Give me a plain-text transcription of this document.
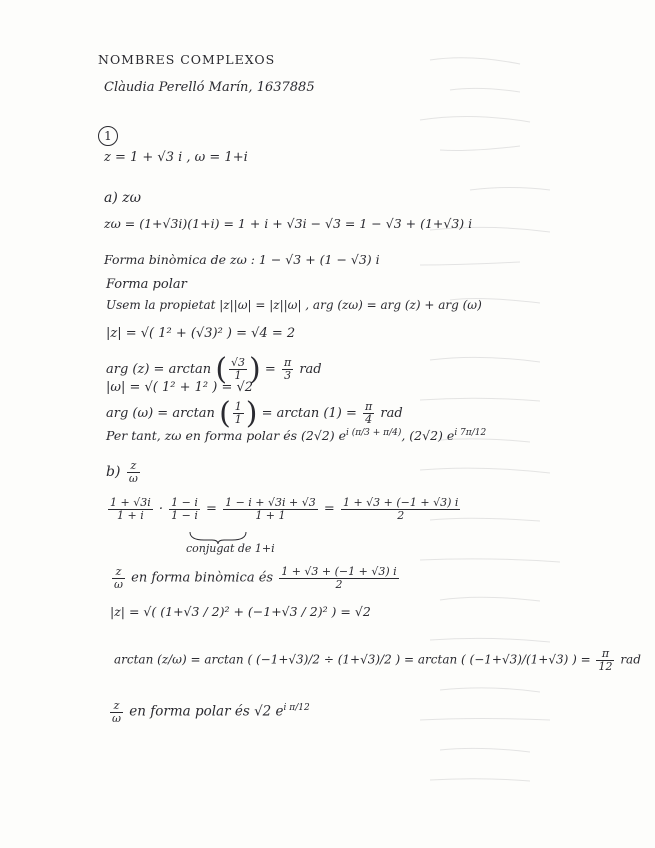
NOMBRES COMPLEXOS
Clàudia Perelló Marín, 1637885
1
z = 1 + √3 i , ω = 1+i
a) zω
zω = (1+√3i)(1+i) = 1 + i + √3i − √3 = 1 − √3 + (1+√3) i
Forma binòmica de zω : 1 − √3 + (1 − √3) i
Forma polar
Usem la propietat |z||ω| = |z||ω| , arg (zω) = arg (z) + arg (ω)
|z| = √( 1² + (√3)² ) = √4 = 2
arg (z) = arctan ( $\frac{√3}{1}$ ) = $\frac{\pi}{3}$ rad
|ω| = √( 1² + 1² ) = √2
arg (ω) = arctan ( $\frac{1}{1}$ ) = $\arctan (1) = \frac{\pi}{4}$ rad
Per tant, zω en forma polar és (2√2) $e^{i (\pi/3 + \pi/4)}$, (2√2) $e^{i 7\pi/12}$
$b) \frac{z}{\omega}$
$\frac{1 + √3i}{1 + i} \cdot \frac{1 - i}{1 - i} = \frac{1 - i + √3i + √3}{1 + 1} = \frac{1 + √3 + (-1 + √3) i}{2}$
conjugat de 1+i
$\frac{z}{\omega}$ en forma binòmica és $\frac{1 + √3 + (-1 + √3) i}{2}$
|z| = √( (1+√3 / 2)² + (−1+√3 / 2)² ) = √2
arctan (z/ω) = arctan ( (−1+√3)/2 ÷ (1+√3)/2 ) = arctan ( (−1+√3)/(1+√3) ) = $\frac{\pi}{12}$ rad
$\frac{z}{\omega}$ en forma polar és √2 $e^{i \pi/12}$
